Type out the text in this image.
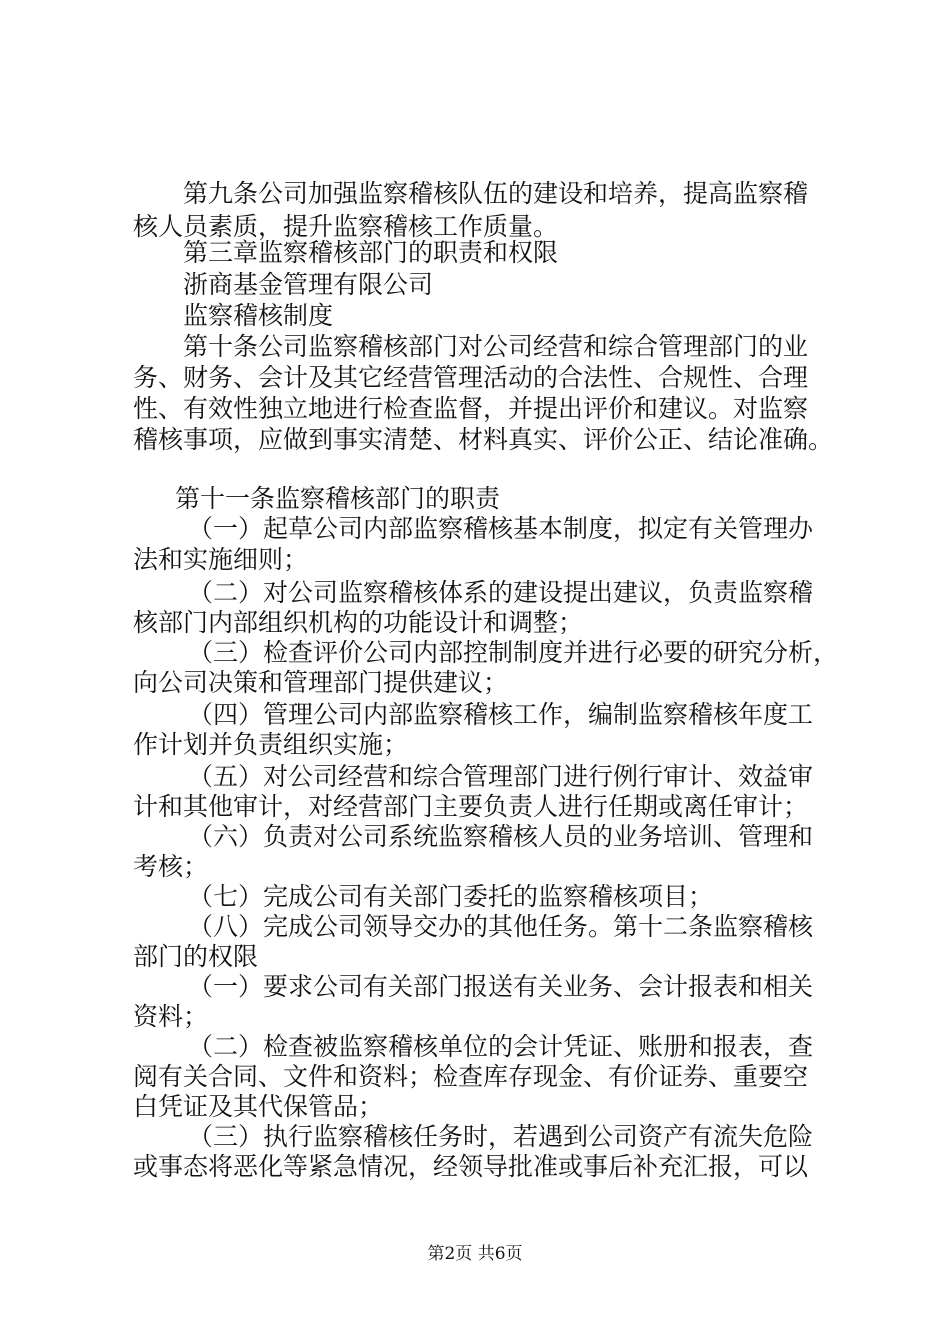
第九条公司加强监察稽核队伍的建设和培养，提高监察稽
核人员素质，提升监察稽核工作质量。
第三章监察稽核部门的职责和权限
浙商基金管理有限公司
监察稽核制度
第十条公司监察稽核部门对公司经营和综合管理部门的业
务、财务、会计及其它经营管理活动的合法性、合规性、合理
性、有效性独立地进行检查监督，并提出评价和建议。对监察
稽核事项，应做到事实清楚、材料真实、评价公正、结论准确。
第十一条监察稽核部门的职责
（一）起草公司内部监察稽核基本制度，拟定有关管理办
法和实施细则；
（二）对公司监察稽核体系的建设提出建议，负责监察稽
核部门内部组织机构的功能设计和调整；
（三）检查评价公司内部控制制度并进行必要的研究分析，
向公司决策和管理部门提供建议；
（四）管理公司内部监察稽核工作，编制监察稽核年度工
作计划并负责组织实施；
（五）对公司经营和综合管理部门进行例行审计、效益审
计和其他审计，对经营部门主要负责人进行任期或离任审计；
（六）负责对公司系统监察稽核人员的业务培训、管理和
考核；
（七）完成公司有关部门委托的监察稽核项目；
（八）完成公司领导交办的其他任务。第十二条监察稽核
部门的权限
（一）要求公司有关部门报送有关业务、会计报表和相关
资料；
（二）检查被监察稽核单位的会计凭证、账册和报表，查
阅有关合同、文件和资料；检查库存现金、有价证券、重要空
白凭证及其代保管品；
（三）执行监察稽核任务时，若遇到公司资产有流失危险
或事态将恶化等紧急情况，经领导批准或事后补充汇报，可以
第2页 共6页
